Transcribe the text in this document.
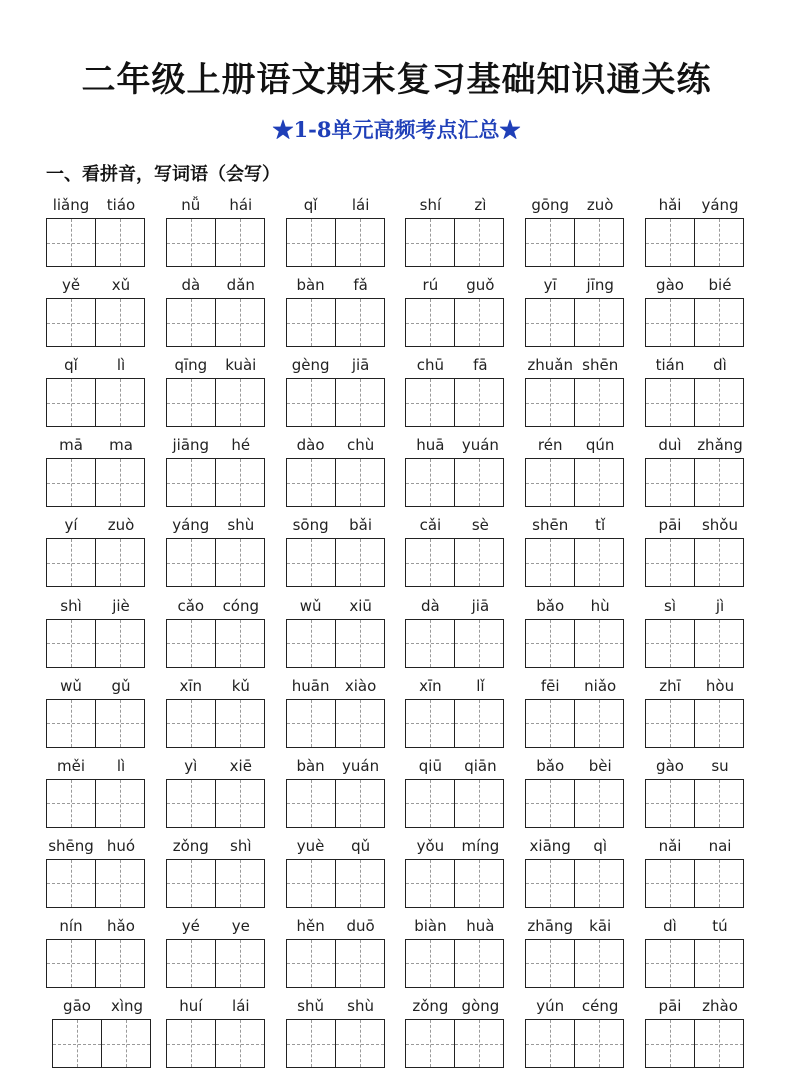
二年级上册语文期末复习基础知识通关练
★1-8单元高频考点汇总★
一、看拼音，写词语（会写）
liǎng	tiáo	nǚ	hái	qǐ	lái	shí	zì	gōng	zuò	hǎi	yáng
yě	xǔ	dà	dǎn	bàn	fǎ	rú	guǒ	yī	jīng	gào	bié
qǐ	lì	qīng	kuài	gèng	jiā	chū	fā	zhuǎn shēn	tián	dì
mā	ma	jiāng	hé	dào	chù	huā	yuán	rén	qún	duì	zhǎng
yí	zuò	yáng	shù	sōng	bǎi	cǎi	sè	shēn	tǐ	pāi	shǒu
shì	jiè	cǎo	cóng	wǔ	xiū	dà	jiā	bǎo	hù	sì	jì
wǔ	gǔ	xīn	kǔ	huān	xiào	xīn	lǐ	fēi	niǎo	zhī	hòu
měi	lì	yì	xiē	bàn	yuán	qiū	qiān	bǎo	bèi	gào	su
shēng huó	zǒng	shì	yuè	qǔ	yǒu	míng	xiāng	qì	nǎi	nai
nín	hǎo	yé	ye	hěn	duō	biàn	huà	zhāng	kāi	dì	tú
gāo	xìng	huí	lái	shǔ	shù	zǒng gòng	yún	céng	pāi	zhào
